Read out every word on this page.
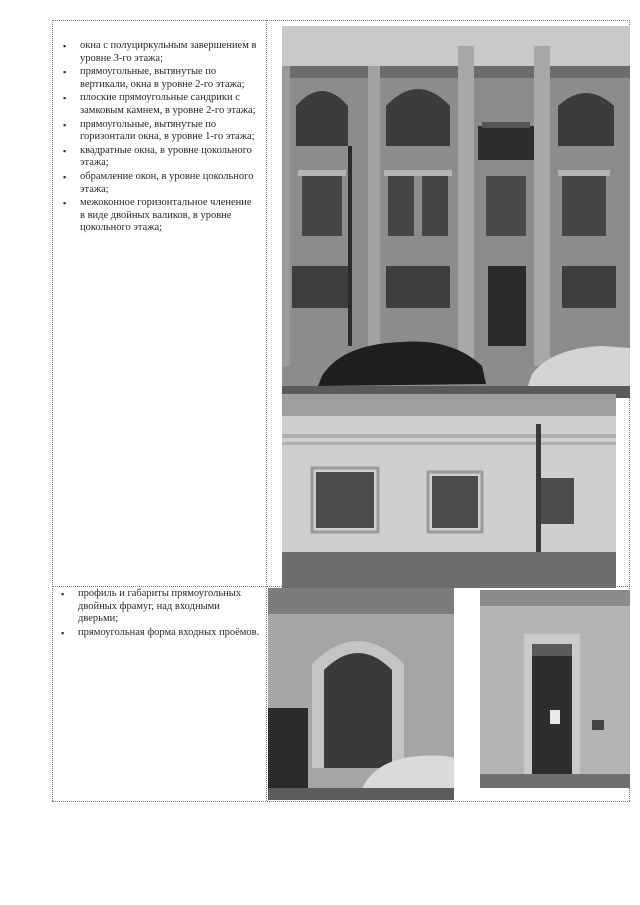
▪ окна с полуциркульным завершением в уровне 3-го этажа;
▪ прямоугольные, вытянутые по вертикали, окна в уровне 2-го этажа;
▪ плоские прямоугольные сандрики с замковым камнем, в уровне 2-го этажа;
▪ прямоугольные, вытянутые по горизонтали окна, в уровне 1-го этажа;
▪ квадратные окна, в уровне цокольного этажа;
▪ обрамление окон, в уровне цокольного этажа;
▪ межоконное горизонтальное членение в виде двойных валиков, в уровне цокольного этажа;
▪ профиль и габариты прямоугольных двойных фрамуг, над входными дверьми;
▪ прямоугольная форма входных проёмов.
